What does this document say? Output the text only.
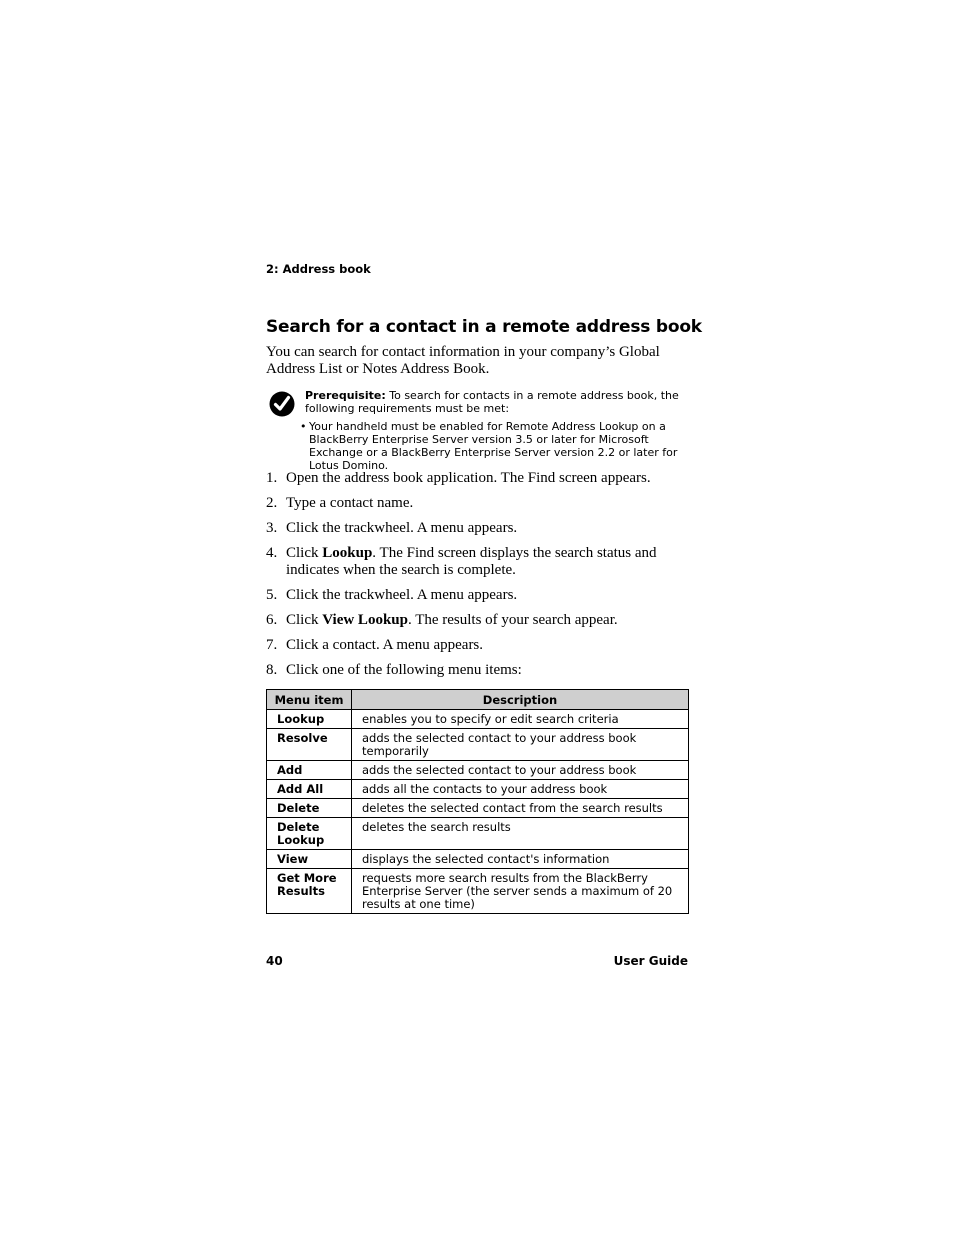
2: Address book
Search for a contact in a remote address book
You can search for contact information in your company’s Global Address List or Notes Address Book.
Prerequisite: To search for contacts in a remote address book, the following requirements must be met:
• Your handheld must be enabled for Remote Address Lookup on a BlackBerry Enterprise Server version 3.5 or later for Microsoft Exchange or a BlackBerry Enterprise Server version 2.2 or later for Lotus Domino.
1. Open the address book application. The Find screen appears.
2. Type a contact name.
3. Click the trackwheel. A menu appears.
4. Click Lookup. The Find screen displays the search status and indicates when the search is complete.
5. Click the trackwheel. A menu appears.
6. Click View Lookup. The results of your search appear.
7. Click a contact. A menu appears.
8. Click one of the following menu items:
Menu item	Description
Lookup	enables you to specify or edit search criteria
Resolve	adds the selected contact to your address book temporarily
Add	adds the selected contact to your address book
Add All	adds all the contacts to your address book
Delete	deletes the selected contact from the search results
Delete Lookup	deletes the search results
View	displays the selected contact's information
Get More Results	requests more search results from the BlackBerry Enterprise Server (the server sends a maximum of 20 results at one time)
40	User Guide
